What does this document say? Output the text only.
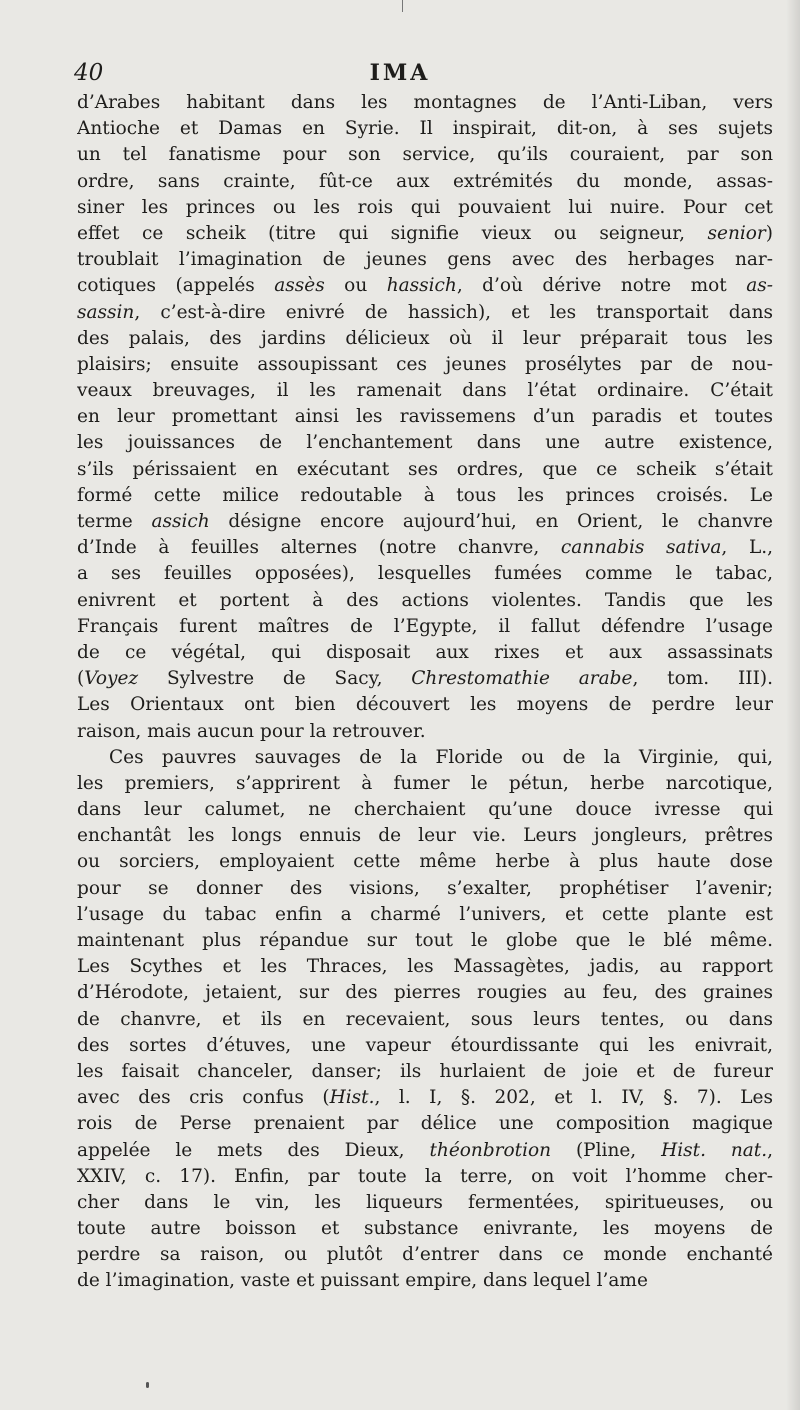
40	IMA
d’Arabes habitant dans les montagnes de l’Anti-Liban, vers
Antioche et Damas en Syrie. Il inspirait, dit-on, à ses sujets
un tel fanatisme pour son service, qu’ils couraient, par son
ordre, sans crainte, fût-ce aux extrémités du monde, assas-
siner les princes ou les rois qui pouvaient lui nuire. Pour cet
effet ce scheik (titre qui signifie vieux ou seigneur, senior)
troublait l’imagination de jeunes gens avec des herbages nar-
cotiques (appelés assès ou hassich, d’où dérive notre mot as-
sassin, c’est-à-dire enivré de hassich), et les transportait dans
des palais, des jardins délicieux où il leur préparait tous les
plaisirs; ensuite assoupissant ces jeunes prosélytes par de nou-
veaux breuvages, il les ramenait dans l’état ordinaire. C’était
en leur promettant ainsi les ravissemens d’un paradis et toutes
les jouissances de l’enchantement dans une autre existence,
s’ils périssaient en exécutant ses ordres, que ce scheik s’était
formé cette milice redoutable à tous les princes croisés. Le
terme assich désigne encore aujourd’hui, en Orient, le chanvre
d’Inde à feuilles alternes (notre chanvre, cannabis sativa, L.,
a ses feuilles opposées), lesquelles fumées comme le tabac,
enivrent et portent à des actions violentes. Tandis que les
Français furent maîtres de l’Egypte, il fallut défendre l’usage
de ce végétal, qui disposait aux rixes et aux assassinats
(Voyez Sylvestre de Sacy, Chrestomathie arabe, tom. III).
Les Orientaux ont bien découvert les moyens de perdre leur
raison, mais aucun pour la retrouver.
Ces pauvres sauvages de la Floride ou de la Virginie, qui,
les premiers, s’apprirent à fumer le pétun, herbe narcotique,
dans leur calumet, ne cherchaient qu’une douce ivresse qui
enchantât les longs ennuis de leur vie. Leurs jongleurs, prêtres
ou sorciers, employaient cette même herbe à plus haute dose
pour se donner des visions, s’exalter, prophétiser l’avenir;
l’usage du tabac enfin a charmé l’univers, et cette plante est
maintenant plus répandue sur tout le globe que le blé même.
Les Scythes et les Thraces, les Massagètes, jadis, au rapport
d’Hérodote, jetaient, sur des pierres rougies au feu, des graines
de chanvre, et ils en recevaient, sous leurs tentes, ou dans
des sortes d’étuves, une vapeur étourdissante qui les enivrait,
les faisait chanceler, danser; ils hurlaient de joie et de fureur
avec des cris confus (Hist., l. I, §. 202, et l. IV, §. 7). Les
rois de Perse prenaient par délice une composition magique
appelée le mets des Dieux, théonbrotion (Pline, Hist. nat.,
XXIV, c. 17). Enfin, par toute la terre, on voit l’homme cher-
cher dans le vin, les liqueurs fermentées, spiritueuses, ou
toute autre boisson et substance enivrante, les moyens de
perdre sa raison, ou plutôt d’entrer dans ce monde enchanté
de l’imagination, vaste et puissant empire, dans lequel l’ame
